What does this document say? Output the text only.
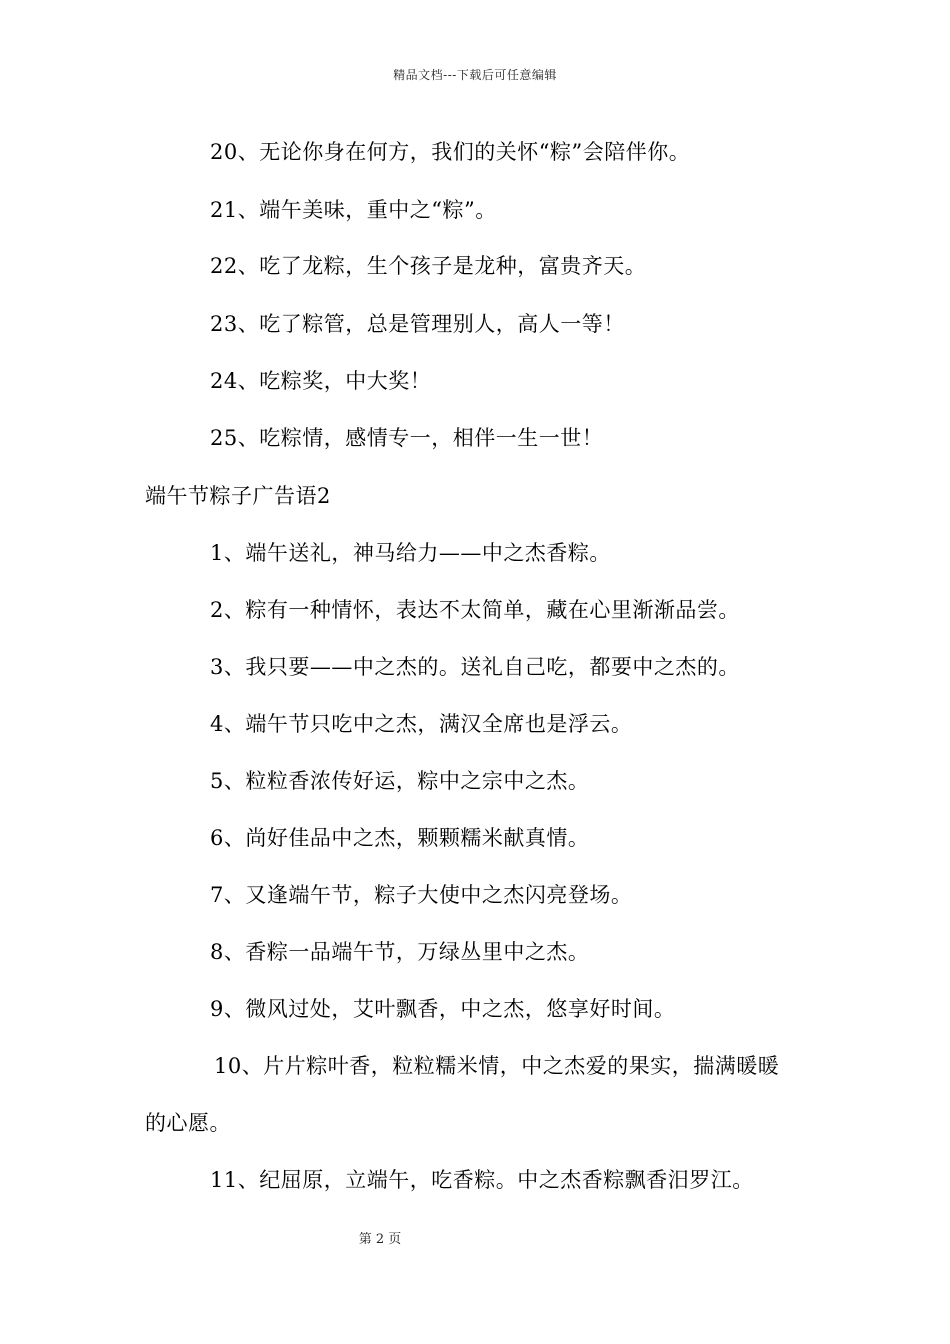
精品文档---下载后可任意编辑
20、无论你身在何方，我们的关怀“粽”会陪伴你。
21、端午美味，重中之“粽”。
22、吃了龙粽，生个孩子是龙种，富贵齐天。
23、吃了粽管，总是管理别人，高人一等！
24、吃粽奖，中大奖！
25、吃粽情，感情专一，相伴一生一世！
端午节粽子广告语2
1、端午送礼，神马给力——中之杰香粽。
2、粽有一种情怀，表达不太简单，藏在心里渐渐品尝。
3、我只要——中之杰的。送礼自己吃，都要中之杰的。
4、端午节只吃中之杰，满汉全席也是浮云。
5、粒粒香浓传好运，粽中之宗中之杰。
6、尚好佳品中之杰，颗颗糯米献真情。
7、又逢端午节，粽子大使中之杰闪亮登场。
8、香粽一品端午节，万绿丛里中之杰。
9、微风过处，艾叶飘香，中之杰，悠享好时间。
10、片片粽叶香，粒粒糯米情，中之杰爱的果实，揣满暖暖
的心愿。
11、纪屈原，立端午，吃香粽。中之杰香粽飘香汨罗江。
第 2 页
